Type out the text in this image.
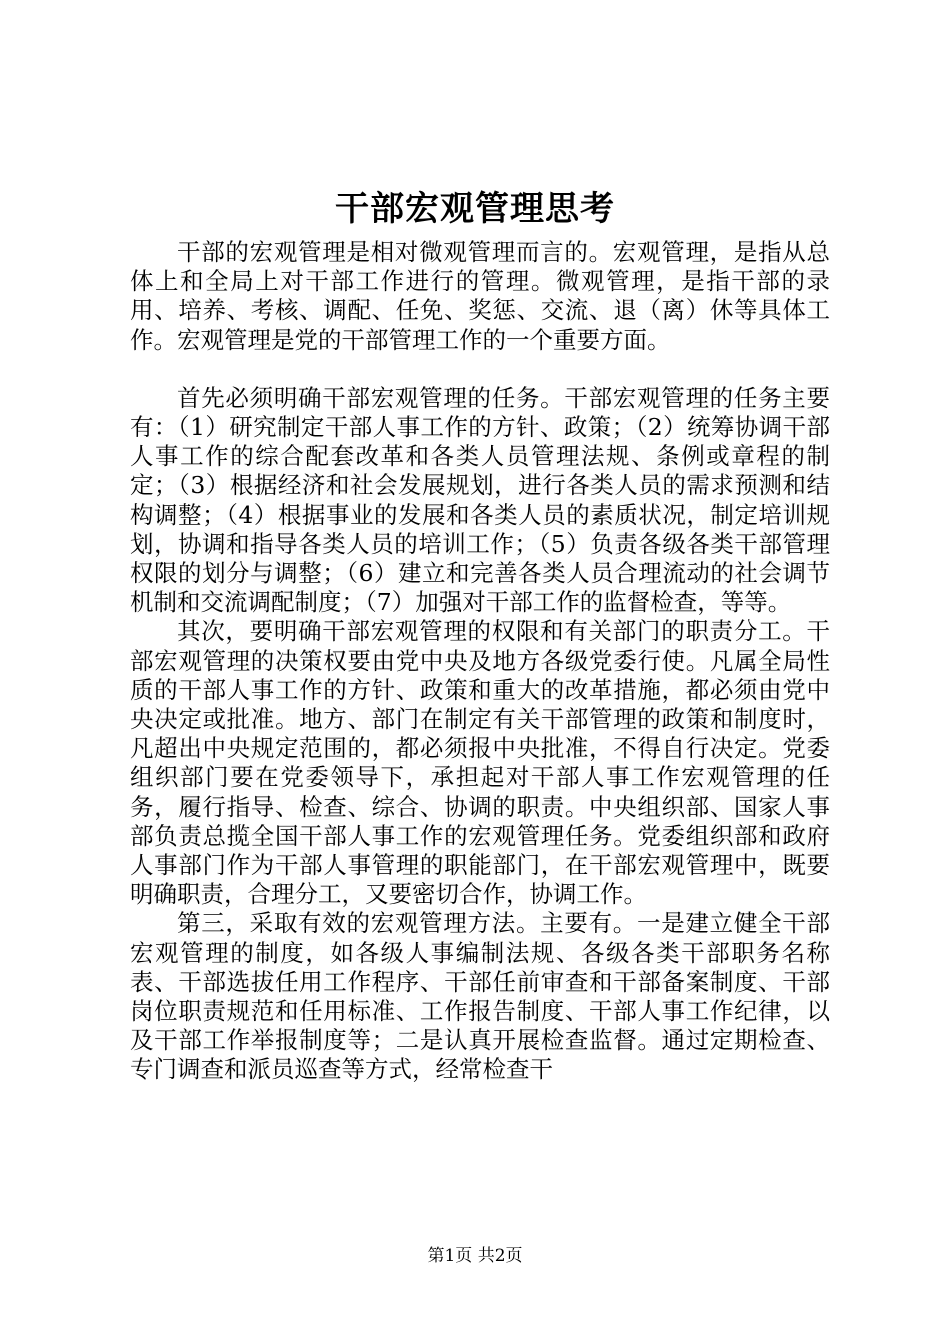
干部宏观管理思考

干部的宏观管理是相对微观管理而言的。宏观管理，是指从总体上和全局上对干部工作进行的管理。微观管理，是指干部的录用、培养、考核、调配、任免、奖惩、交流、退（离）休等具体工作。宏观管理是党的干部管理工作的一个重要方面。

首先必须明确干部宏观管理的任务。干部宏观管理的任务主要有：（1）研究制定干部人事工作的方针、政策；（2）统筹协调干部人事工作的综合配套改革和各类人员管理法规、条例或章程的制定；（3）根据经济和社会发展规划，进行各类人员的需求预测和结构调整；（4）根据事业的发展和各类人员的素质状况，制定培训规划，协调和指导各类人员的培训工作；（5）负责各级各类干部管理权限的划分与调整；（6）建立和完善各类人员合理流动的社会调节机制和交流调配制度；（7）加强对干部工作的监督检查，等等。

其次，要明确干部宏观管理的权限和有关部门的职责分工。干部宏观管理的决策权要由党中央及地方各级党委行使。凡属全局性质的干部人事工作的方针、政策和重大的改革措施，都必须由党中央决定或批准。地方、部门在制定有关干部管理的政策和制度时，凡超出中央规定范围的，都必须报中央批准，不得自行决定。党委组织部门要在党委领导下，承担起对干部人事工作宏观管理的任务，履行指导、检查、综合、协调的职责。中央组织部、国家人事部负责总揽全国干部人事工作的宏观管理任务。党委组织部和政府人事部门作为干部人事管理的职能部门，在干部宏观管理中，既要明确职责，合理分工，又要密切合作，协调工作。

第三，采取有效的宏观管理方法。主要有。一是建立健全干部宏观管理的制度，如各级人事编制法规、各级各类干部职务名称表、干部选拔任用工作程序、干部任前审查和干部备案制度、干部岗位职责规范和任用标准、工作报告制度、干部人事工作纪律，以及干部工作举报制度等；二是认真开展检查监督。通过定期检查、专门调查和派员巡查等方式，经常检查干

第1页 共2页
